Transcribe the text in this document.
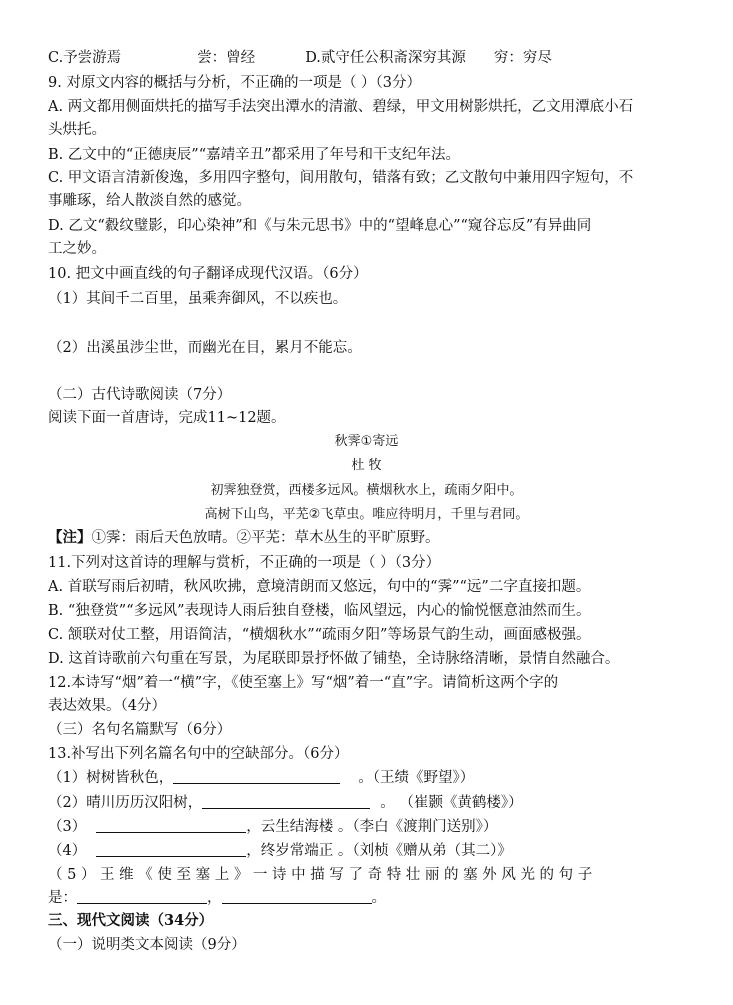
C.予尝游焉	尝：曾经	D.贰守任公积斋深穷其源 穷：穷尽
9. 对原文内容的概括与分析，不正确的一项是（ ）（3分）
A. 两文都用侧面烘托的描写手法突出潭水的清澈、碧绿，甲文用树影烘托，乙文用潭底小石
头烘托。
B. 乙文中的“正德庚辰”“嘉靖辛丑”都采用了年号和干支纪年法。
C. 甲文语言清新俊逸，多用四字整句，间用散句，错落有致；乙文散句中兼用四字短句，不
事雕琢，给人散淡自然的感觉。
D. 乙文“縠纹璧影，印心染神”和《与朱元思书》中的“望峰息心”“窥谷忘反”有异曲同
工之妙。
10. 把文中画直线的句子翻译成现代汉语。（6分）
（1）其间千二百里，虽乘奔御风，不以疾也。
（2）出溪虽涉尘世，而幽光在目，累月不能忘。
（二）古代诗歌阅读（7分）
阅读下面一首唐诗，完成11~12题。
秋霁①寄远
杜 牧
初霁独登赏，西楼多远风。横烟秋水上，疏雨夕阳中。
高树下山鸟，平芜②飞草虫。唯应待明月，千里与君同。
【注】①霁：雨后天色放晴。②平芜：草木丛生的平旷原野。
11.下列对这首诗的理解与赏析，不正确的一项是（ ）（3分）
A. 首联写雨后初晴，秋风吹拂，意境清朗而又悠远，句中的“霁”“远”二字直接扣题。
B. “独登赏”“多远风”表现诗人雨后独自登楼，临风望远，内心的愉悦惬意油然而生。
C. 颔联对仗工整，用语简洁，“横烟秋水”“疏雨夕阳”等场景气韵生动，画面感极强。
D. 这首诗歌前六句重在写景，为尾联即景抒怀做了铺垫，全诗脉络清晰，景情自然融合。
12.本诗写“烟”着一“横”字，《使至塞上》写“烟”着一“直”字。请简析这两个字的
表达效果。（4分）
（三）名句名篇默写（6分）
13.补写出下列名篇名句中的空缺部分。（6分）
（1）树树皆秋色，	。（王绩《野望》）
（2）晴川历历汉阳树，	。 （崔颢《黄鹤楼》）
（3）	，云生结海楼 。（李白《渡荆门送别》）
（4）	，终岁常端正 。（刘桢《赠从弟（其二）》
（ 5 ） 王 维 《 使 至 塞 上 》 一 诗 中 描 写 了 奇 特 壮 丽 的 塞 外 风 光 的 句 子
是：	，	。
三、现代文阅读（34分）
（一）说明类文本阅读（9分）
